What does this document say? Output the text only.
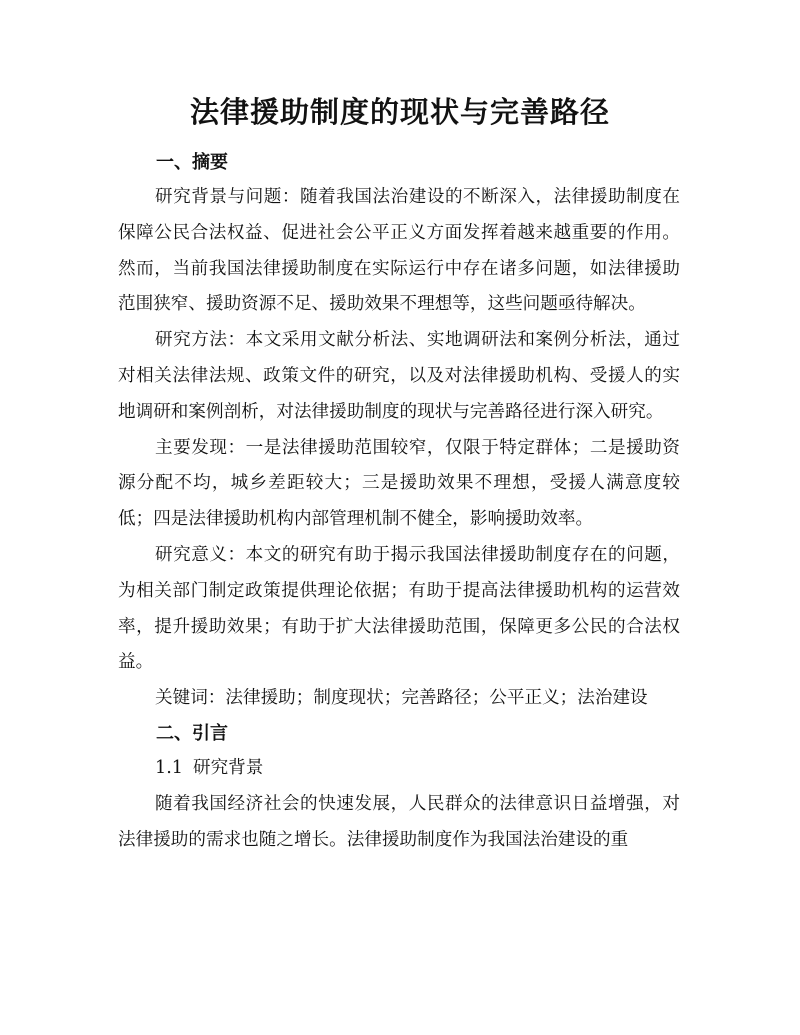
法律援助制度的现状与完善路径
一、摘要

研究背景与问题：随着我国法治建设的不断深入，法律援助制度在保障公民合法权益、促进社会公平正义方面发挥着越来越重要的作用。然而，当前我国法律援助制度在实际运行中存在诸多问题，如法律援助范围狭窄、援助资源不足、援助效果不理想等，这些问题亟待解决。

研究方法：本文采用文献分析法、实地调研法和案例分析法，通过对相关法律法规、政策文件的研究，以及对法律援助机构、受援人的实地调研和案例剖析，对法律援助制度的现状与完善路径进行深入研究。

主要发现：一是法律援助范围较窄，仅限于特定群体；二是援助资源分配不均，城乡差距较大；三是援助效果不理想，受援人满意度较低；四是法律援助机构内部管理机制不健全，影响援助效率。

研究意义：本文的研究有助于揭示我国法律援助制度存在的问题，为相关部门制定政策提供理论依据；有助于提高法律援助机构的运营效率，提升援助效果；有助于扩大法律援助范围，保障更多公民的合法权益。

关键词：法律援助；制度现状；完善路径；公平正义；法治建设
二、引言
1.1 研究背景

随着我国经济社会的快速发展，人民群众的法律意识日益增强，对法律援助的需求也随之增长。法律援助制度作为我国法治建设的重
